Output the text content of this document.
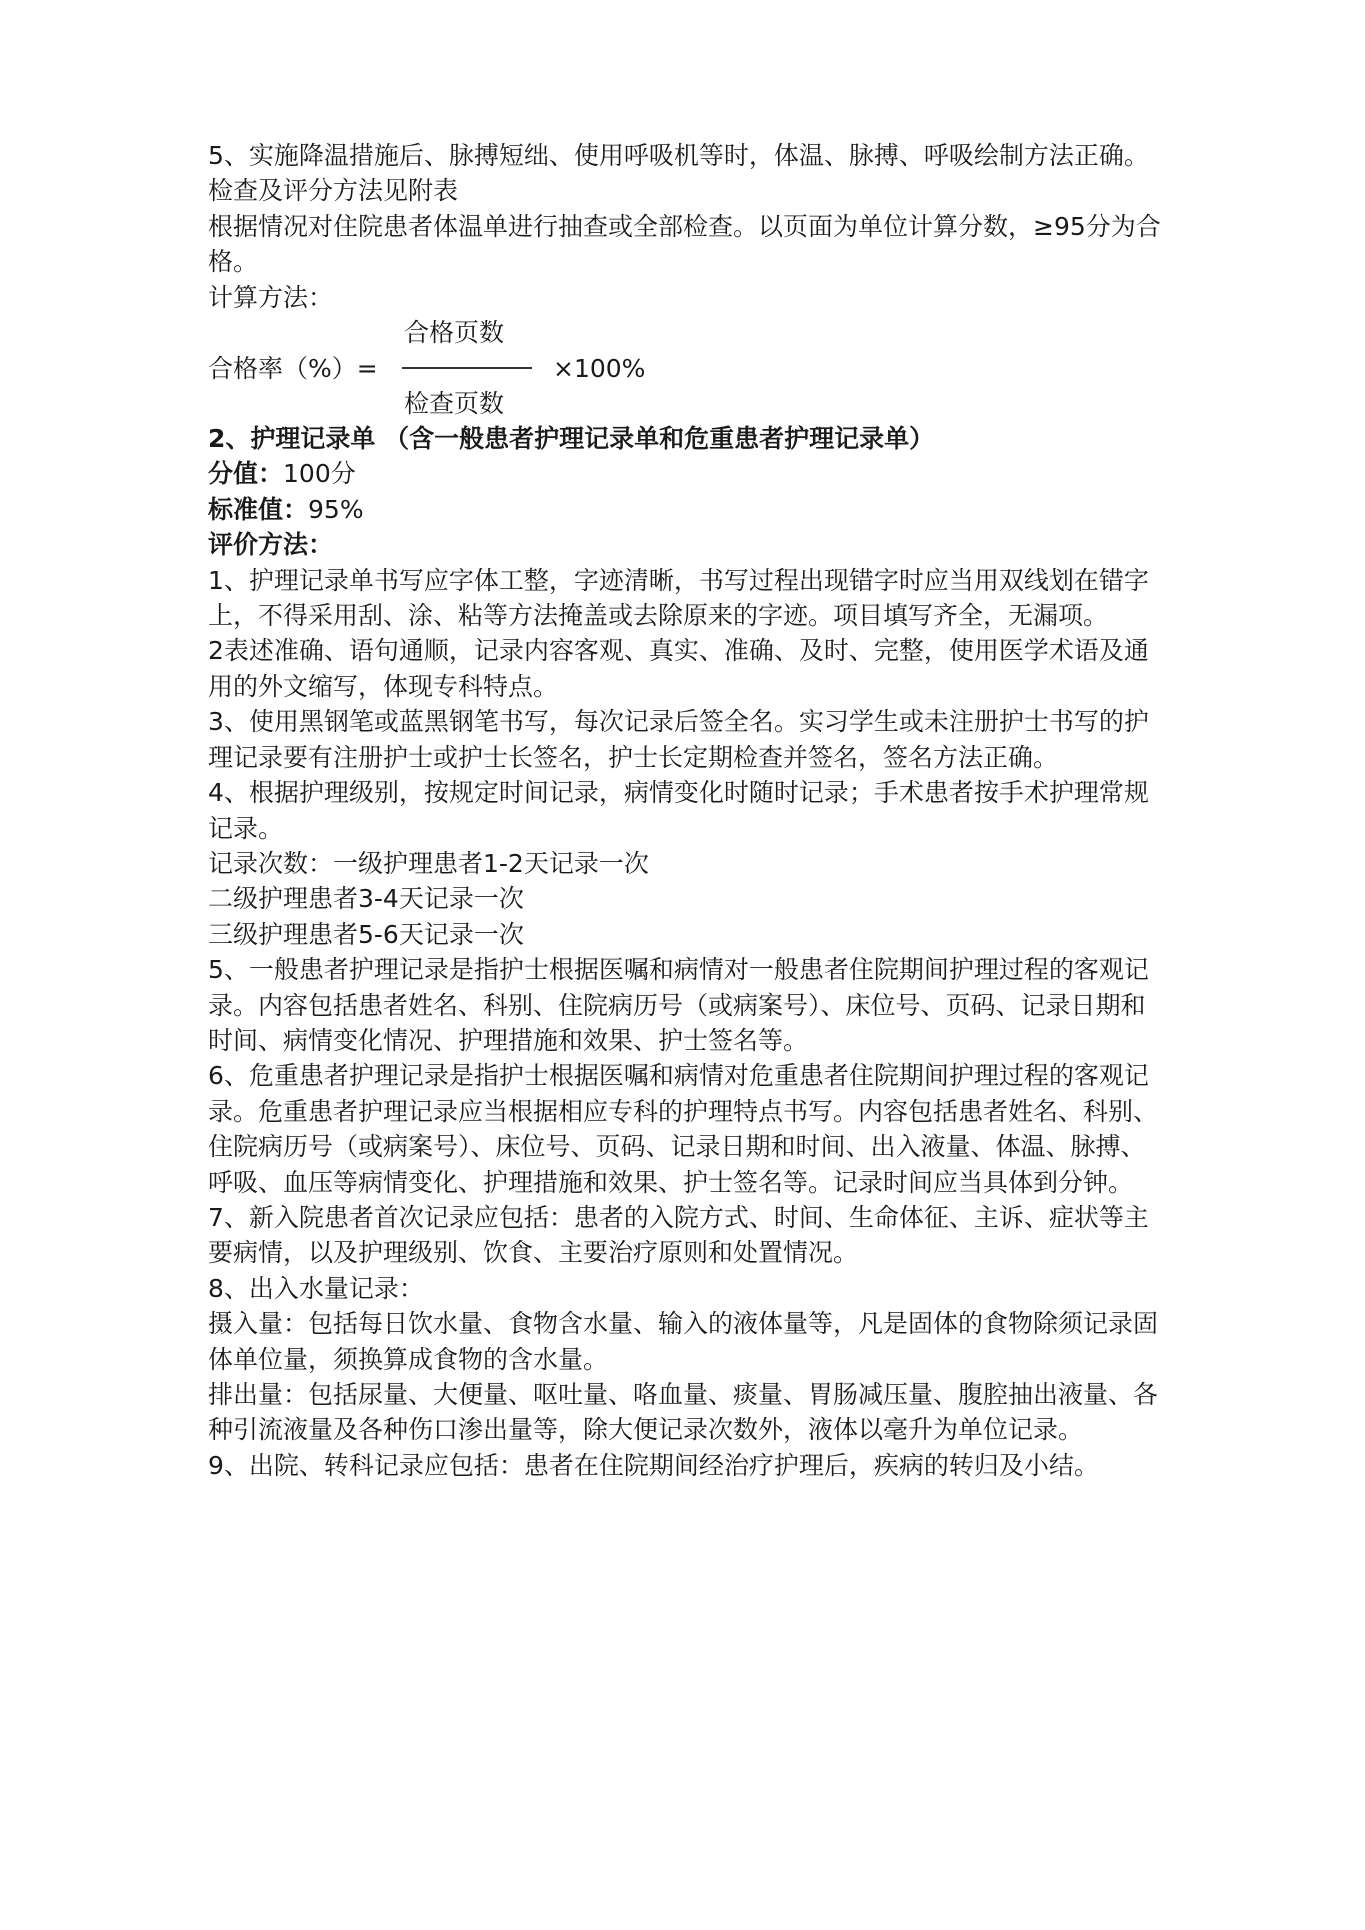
5、实施降温措施后、脉搏短绌、使用呼吸机等时，体温、脉搏、呼吸绘制方法正确。

检查及评分方法见附表

根据情况对住院患者体温单进行抽查或全部检查。以页面为单位计算分数，≥95分为合格。

计算方法：

合格页数
合格率（%）=	×100%
检查页数

2、护理记录单 （含一般患者护理记录单和危重患者护理记录单）

分值：100分

标准值：95%

评价方法：

1、护理记录单书写应字体工整，字迹清晰，书写过程出现错字时应当用双线划在错字上，不得采用刮、涂、粘等方法掩盖或去除原来的字迹。项目填写齐全，无漏项。

2表述准确、语句通顺，记录内容客观、真实、准确、及时、完整，使用医学术语及通用的外文缩写，体现专科特点。

3、使用黑钢笔或蓝黑钢笔书写，每次记录后签全名。实习学生或未注册护士书写的护理记录要有注册护士或护士长签名，护士长定期检查并签名，签名方法正确。

4、根据护理级别，按规定时间记录，病情变化时随时记录；手术患者按手术护理常规记录。

记录次数：一级护理患者1-2天记录一次

二级护理患者3-4天记录一次

三级护理患者5-6天记录一次

5、一般患者护理记录是指护士根据医嘱和病情对一般患者住院期间护理过程的客观记录。内容包括患者姓名、科别、住院病历号（或病案号）、床位号、页码、记录日期和时间、病情变化情况、护理措施和效果、护士签名等。

6、危重患者护理记录是指护士根据医嘱和病情对危重患者住院期间护理过程的客观记录。危重患者护理记录应当根据相应专科的护理特点书写。内容包括患者姓名、科别、住院病历号（或病案号）、床位号、页码、记录日期和时间、出入液量、体温、脉搏、呼吸、血压等病情变化、护理措施和效果、护士签名等。记录时间应当具体到分钟。

7、新入院患者首次记录应包括：患者的入院方式、时间、生命体征、主诉、症状等主要病情，以及护理级别、饮食、主要治疗原则和处置情况。

8、出入水量记录：

摄入量：包括每日饮水量、食物含水量、输入的液体量等，凡是固体的食物除须记录固体单位量，须换算成食物的含水量。

排出量：包括尿量、大便量、呕吐量、咯血量、痰量、胃肠减压量、腹腔抽出液量、各种引流液量及各种伤口渗出量等，除大便记录次数外，液体以毫升为单位记录。

9、出院、转科记录应包括：患者在住院期间经治疗护理后，疾病的转归及小结。
